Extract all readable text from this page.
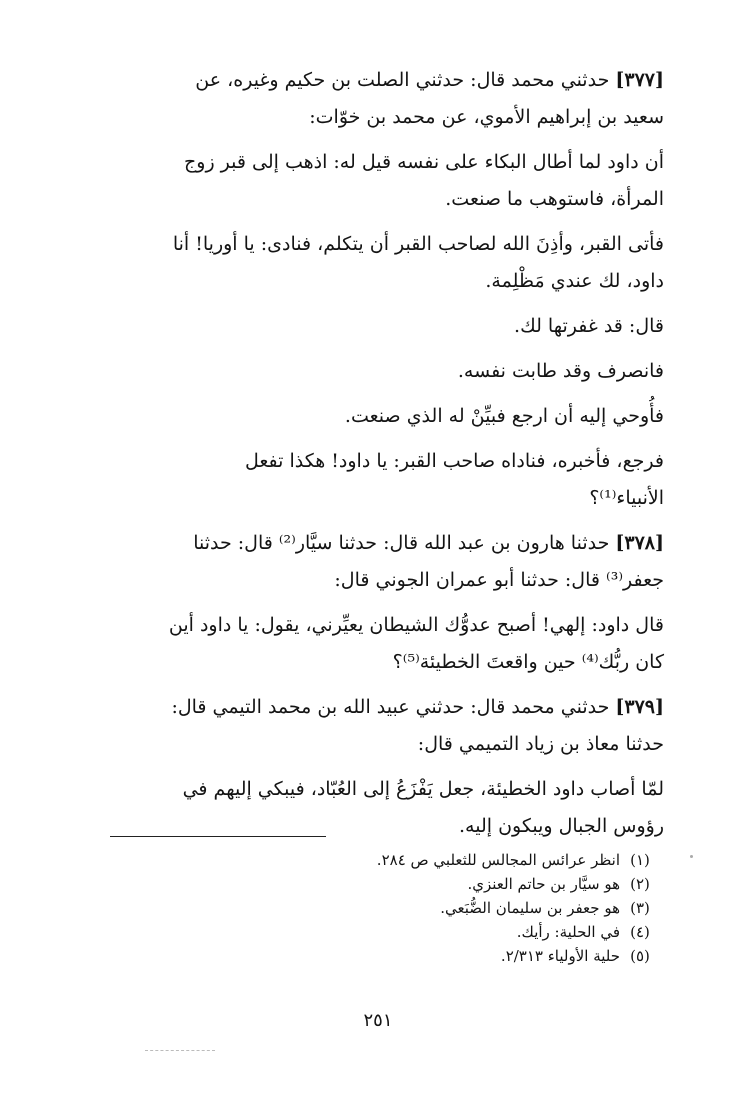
[٣٧٧] حدثني محمد قال: حدثني الصلت بن حكيم وغيره، عن
سعيد بن إبراهيم الأموي، عن محمد بن خوّات:
أن داود لما أطال البكاء على نفسه قيل له: اذهب إلى قبر زوج
المرأة، فاستوهب ما صنعت.
فأتى القبر، وأذِنَ الله لصاحب القبر أن يتكلم، فنادى: يا أوريا! أنا
داود، لك عندي مَظْلِمة.
قال: قد غفرتها لك.
فانصرف وقد طابت نفسه.
فأُوحي إليه أن ارجع فبيِّنْ له الذي صنعت.
فرجع، فأخبره، فناداه صاحب القبر: يا داود! هكذا تفعل
الأنبياء⁽¹⁾؟
[٣٧٨] حدثنا هارون بن عبد الله قال: حدثنا سيَّار⁽²⁾ قال: حدثنا
جعفر⁽³⁾ قال: حدثنا أبو عمران الجوني قال:
قال داود: إلهي! أصبح عدوُّك الشيطان يعيِّرني، يقول: يا داود أين
كان ربُّك⁽⁴⁾ حين واقعتَ الخطيئة⁽⁵⁾؟
[٣٧٩] حدثني محمد قال: حدثني عبيد الله بن محمد التيمي قال:
حدثنا معاذ بن زياد التميمي قال:
لمّا أصاب داود الخطيئة، جعل يَفْزَعُ إلى العُبّاد، فيبكي إليهم في
رؤوس الجبال ويبكون إليه.
(١)
انظر عرائس المجالس للثعلبي ص ٢٨٤.
(٢)
هو سيَّار بن حاتم العنزي.
(٣)
هو جعفر بن سليمان الضُّبَعي.
(٤)
في الحلية: رأيك.
(٥)
حلية الأولياء ٢/٣١٣.
٢٥١
